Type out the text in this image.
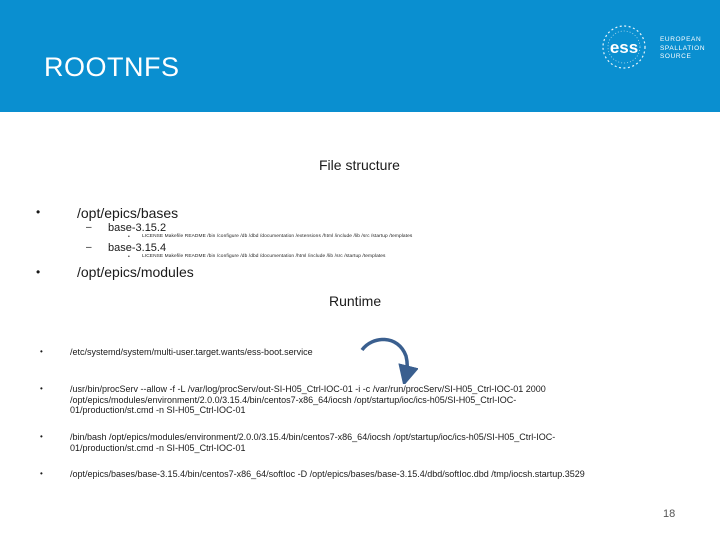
ROOTNFS
ess	EUROPEAN
SPALLATION
SOURCE
File structure
•	/opt/epics/bases
– base-3.15.2
•	LICENSE Makefile README /bin /configure /db /dbd /documentation /extensions /html /include /lib /src /startup /templates
– base-3.15.4
•	LICENSE Makefile README /bin /configure /db /dbd /documentation /html /include /lib /src /startup /templates
•	/opt/epics/modules
Runtime
•	/etc/systemd/system/multi-user.target.wants/ess-boot.service
•	/usr/bin/procServ --allow -f -L /var/log/procServ/out-SI-H05_Ctrl-IOC-01 -i -c /var/run/procServ/SI-H05_Ctrl-IOC-01 2000
/opt/epics/modules/environment/2.0.0/3.15.4/bin/centos7-x86_64/iocsh /opt/startup/ioc/ics-h05/SI-H05_Ctrl-IOC-
01/production/st.cmd -n SI-H05_Ctrl-IOC-01
•	/bin/bash /opt/epics/modules/environment/2.0.0/3.15.4/bin/centos7-x86_64/iocsh /opt/startup/ioc/ics-h05/SI-H05_Ctrl-IOC-
01/production/st.cmd -n SI-H05_Ctrl-IOC-01
•	/opt/epics/bases/base-3.15.4/bin/centos7-x86_64/softIoc -D /opt/epics/bases/base-3.15.4/dbd/softIoc.dbd /tmp/iocsh.startup.3529
18
